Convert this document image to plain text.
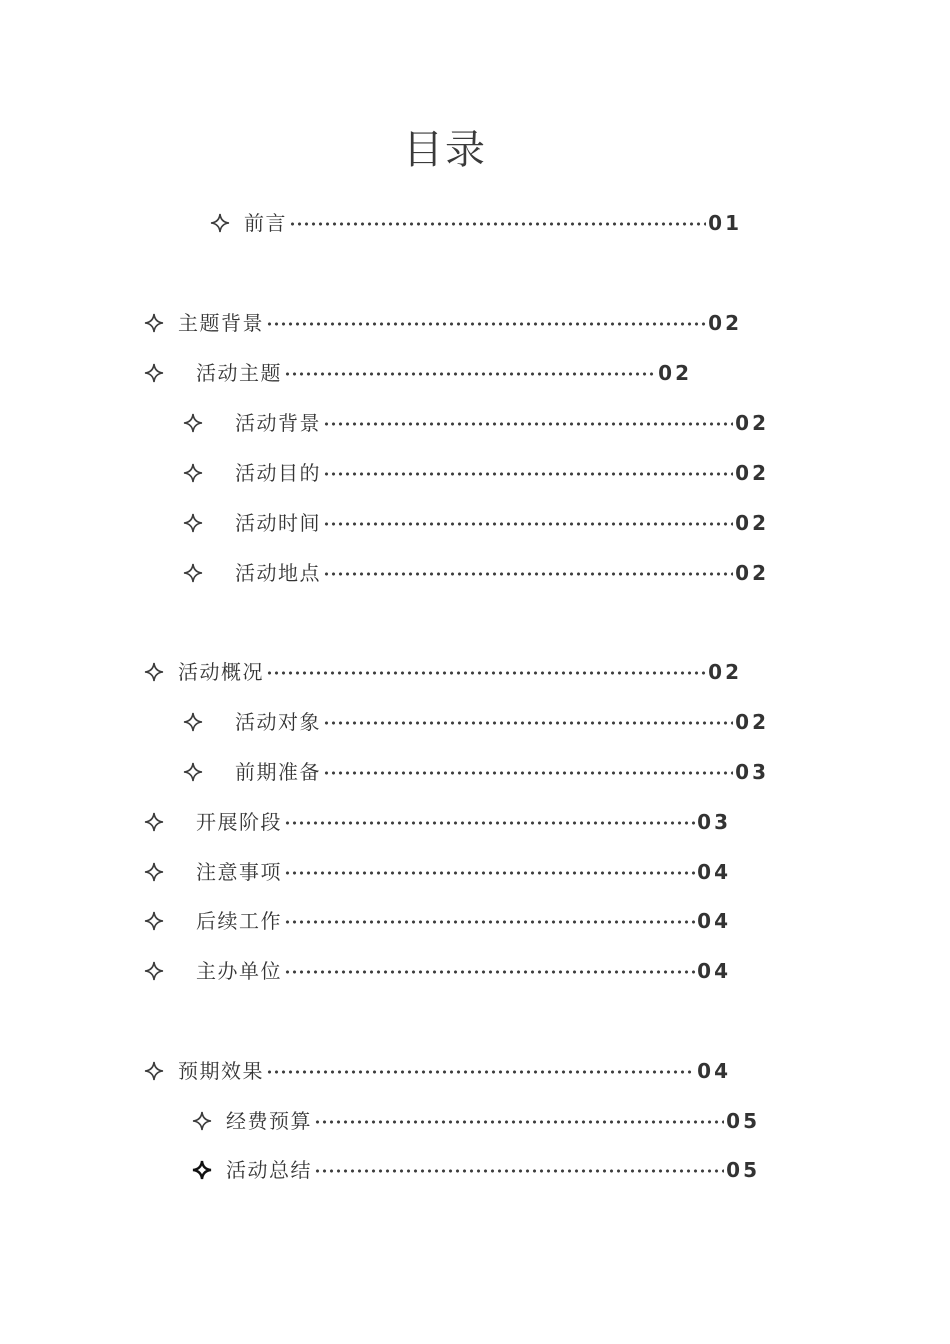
目录
前言	01
主题背景	02
活动主题	02
活动背景	02
活动目的	02
活动时间	02
活动地点	02
活动概况	02
活动对象	02
前期准备	03
开展阶段	03
注意事项	04
后续工作	04
主办单位	04
预期效果	04
经费预算	05
活动总结	05
